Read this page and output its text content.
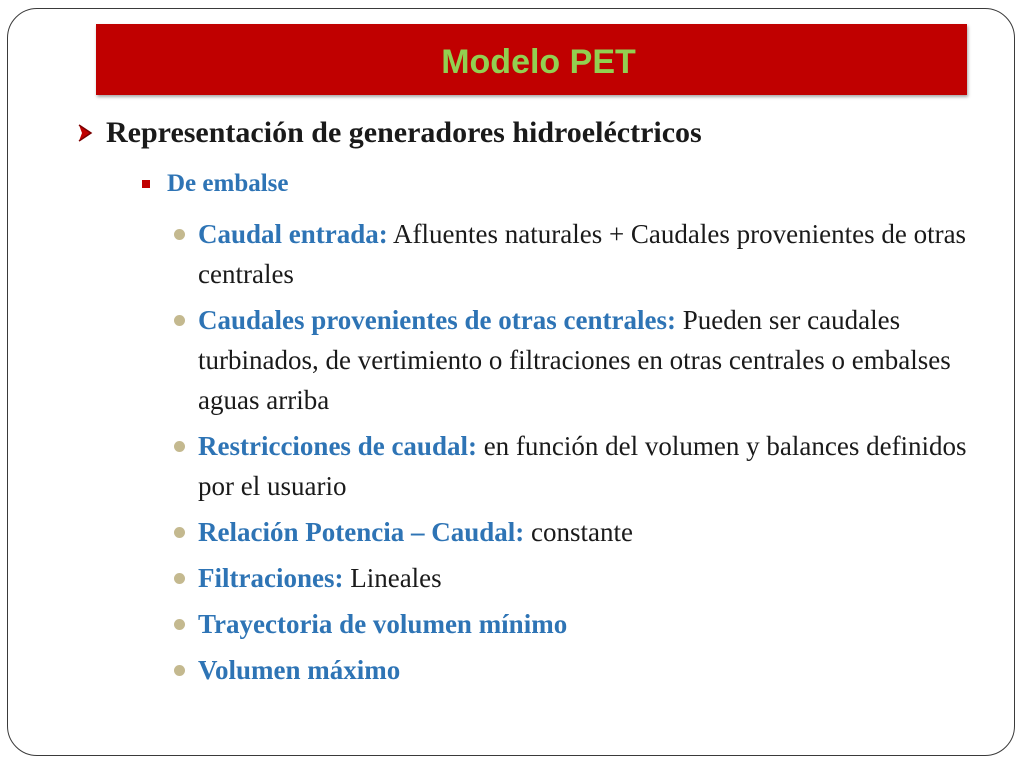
Modelo PET
Representación de generadores hidroeléctricos
De embalse
Caudal entrada: Afluentes naturales + Caudales provenientes de otras centrales
Caudales provenientes de otras centrales: Pueden ser caudales turbinados, de vertimiento o filtraciones en otras centrales o embalses aguas arriba
Restricciones de caudal: en función del volumen y balances definidos por el usuario
Relación Potencia – Caudal: constante
Filtraciones: Lineales
Trayectoria de volumen mínimo
Volumen máximo
